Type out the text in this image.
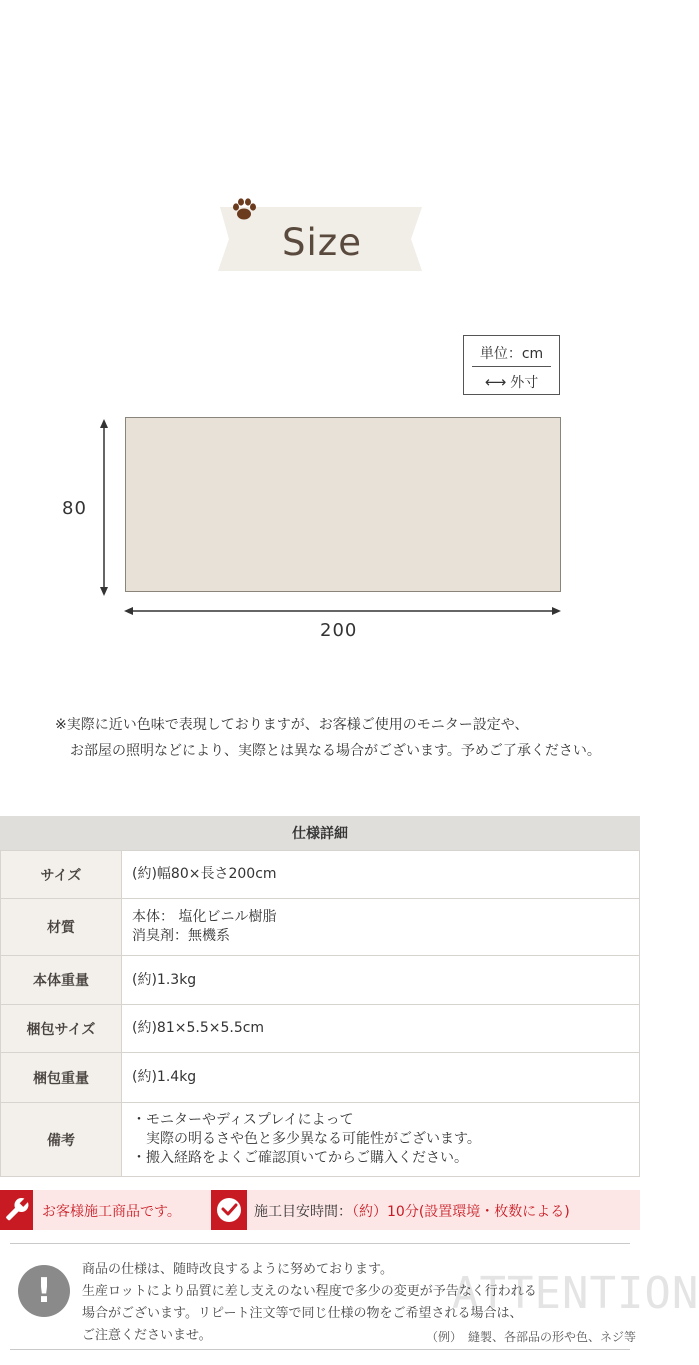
Size
単位：cm
⟷ 外寸
80
200
※実際に近い色味で表現しておりますが、お客様ご使用のモニター設定や、
お部屋の照明などにより、実際とは異なる場合がございます。予めご了承ください。
仕様詳細
サイズ	(約)幅80×長さ200cm
材質	本体： 塩化ビニル樹脂
消臭剤：無機系

本体重量	(約)1.3kg
梱包サイズ	(約)81×5.5×5.5cm
梱包重量	(約)1.4kg
備考	・モニターやディスプレイによって
実際の明るさや色と多少異なる可能性がございます。
・搬入経路をよくご確認頂いてからご購入ください。
お客様施工商品です。	施工目安時間：（約）10分(設置環境・枚数による)
ATTENTION
!
商品の仕様は、随時改良するように努めております。
生産ロットにより品質に差し支えのない程度で多少の変更が予告なく行われる
場合がございます。リピート注文等で同じ仕様の物をご希望される場合は、
ご注意くださいませ。	（例）　縫製、各部品の形や色、ネジ等
